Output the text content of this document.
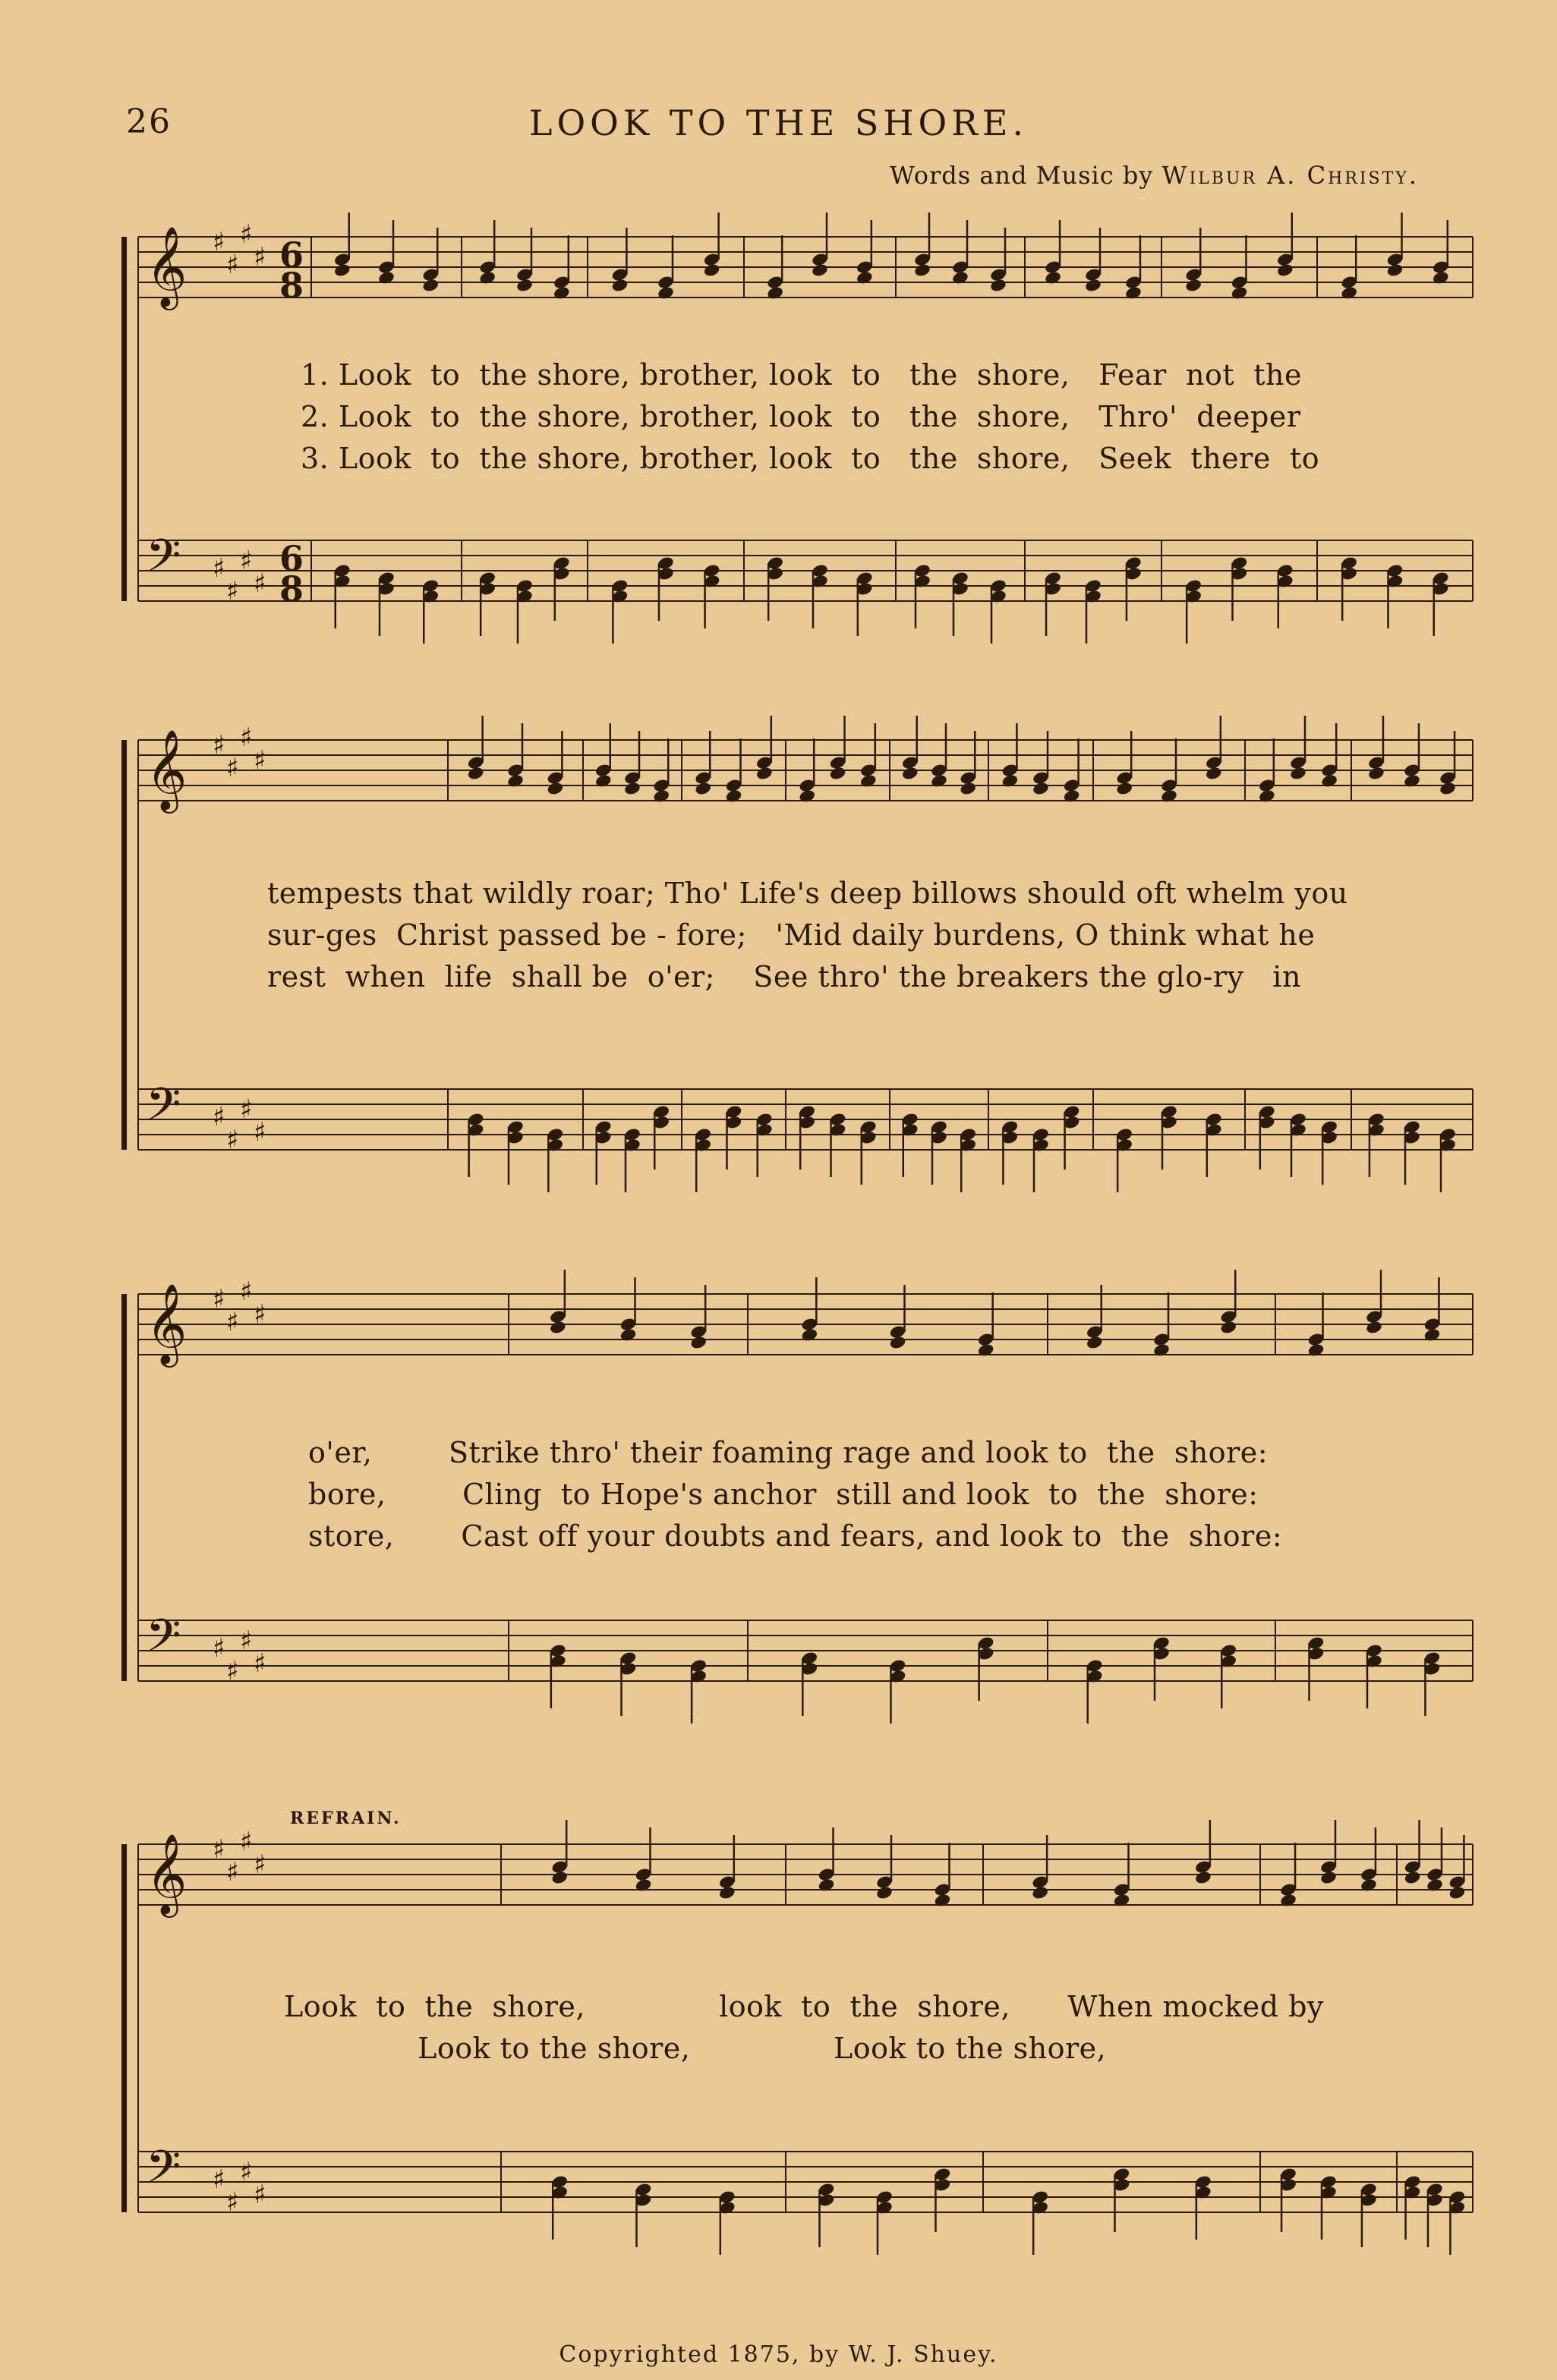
26	LOOK TO THE SHORE.
Words and Music by Wilbur A. Christy.
𝄞 ♯
♯
♯
♯ 6
8
𝄢 ♯
♯
♯
♯
6
8
1. Look  to  the shore, brother, look  to   the  shore,   Fear  not  the
2. Look  to  the shore, brother, look  to   the  shore,   Thro'  deeper
3. Look  to  the shore, brother, look  to   the  shore,   Seek  there  to
𝄞 ♯
♯
♯
♯
𝄢 ♯
♯
♯
♯
tempests that wildly roar; Tho' Life's deep billows should oft whelm you
sur-ges  Christ passed be - fore;   'Mid daily burdens, O think what he
rest  when  life  shall be  o'er;    See thro' the breakers the glo-ry   in
𝄞 ♯
♯
♯
♯
𝄢 ♯
♯
♯
♯
o'er,        Strike thro' their foaming rage and look to  the  shore:
bore,        Cling  to Hope's anchor  still and look  to  the  shore:
store,       Cast off your doubts and fears, and look to  the  shore:
𝄞 ♯
♯
♯
♯
𝄢 ♯
♯
♯
♯
REFRAIN.
Look  to  the  shore,              look  to  the  shore,      When mocked by
Look to the shore,               Look to the shore,
Copyrighted 1875, by W. J. Shuey.
